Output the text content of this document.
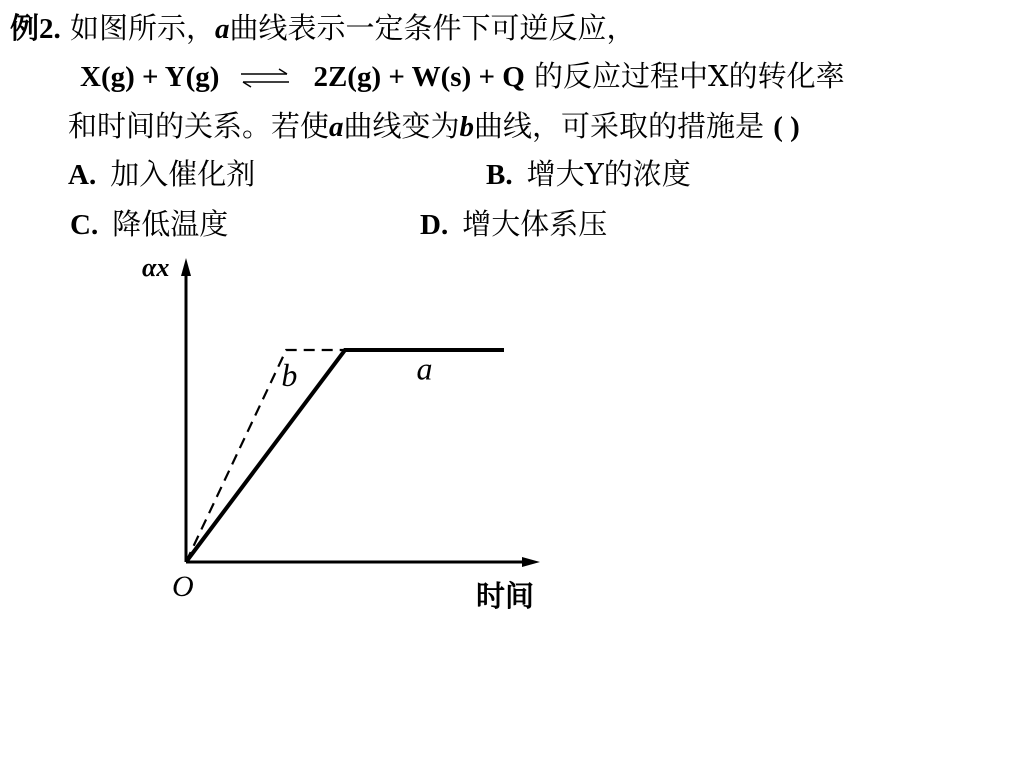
例2. 如图所示，a曲线表示一定条件下可逆反应，
X(g) + Y(g) ⇌ 2Z(g) + W(s) + Q 的反应过程中X的转化率
和时间的关系。若使a曲线变为b曲线，可采取的措施是 ( )
A. 加入催化剂	B. 增大Y的浓度
C. 降低温度	D. 增大体系压
αx
O	时间
a
b
